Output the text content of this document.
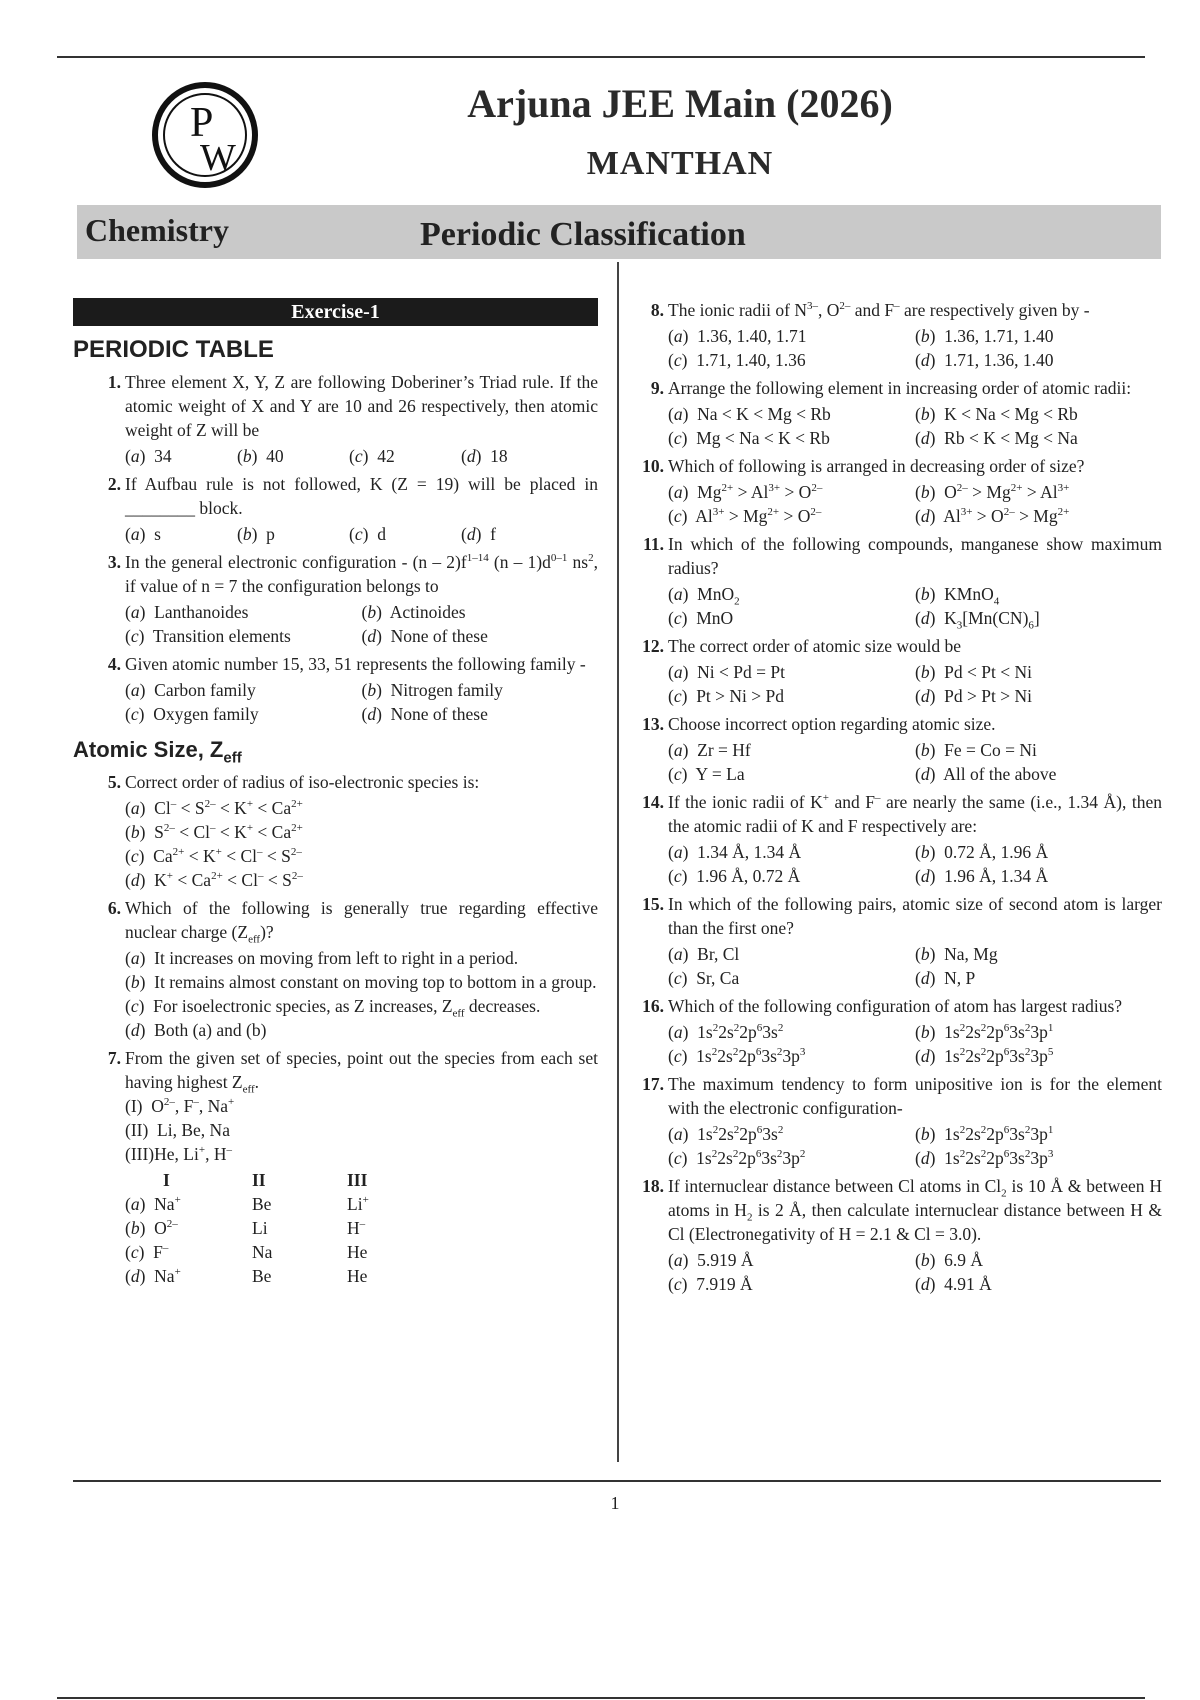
P
W
Arjuna JEE Main (2026)
MANTHAN
Chemistry	Periodic Classification
Exercise-1
PERIODIC TABLE
1. Three element X, Y, Z are following Doberiner’s Triad rule. If the atomic weight of X and Y are 10 and 26 respectively, then atomic weight of Z will be
(a)  34	(b)  40	(c)  42	(d)  18
2. If Aufbau rule is not followed, K (Z = 19) will be placed in ________ block.
(a)  s	(b)  p	(c)  d	(d)  f
3. In the general electronic configuration - $(n - 2)f^{1-14}$ $(n - 1)d^{0-1}$ $ns^2$, if value of n = 7 the configuration belongs to
(a)  Lanthanoides	(b)  Actinoides
(c)  Transition elements	(d)  None of these
4. Given atomic number 15, 33, 51 represents the following family -
(a)  Carbon family	(b)  Nitrogen family
(c)  Oxygen family	(d)  None of these
Atomic Size, $Z_{eff}$
5. Correct order of radius of iso-electronic species is:
(a)  $Cl^- < S^{2-} < K^+ < Ca^{2+}$
(b)  $S^{2-} < Cl^- < K^+ < Ca^{2+}$
(c)  $Ca^{2+} < K^+ < Cl^- < S^{2-}$
(d)  $K^+ < Ca^{2+} < Cl^- < S^{2-}$
6. Which of the following is generally true regarding effective nuclear charge $(Z_{eff})$?
(a)  It increases on moving from left to right in a period.
(b)  It remains almost constant on moving top to bottom in a group.
(c)  For isoelectronic species, as Z increases, $Z_{eff}$ decreases.
(d)  Both (a) and (b)
7. From the given set of species, point out the species from each set having highest $Z_{eff}$.
(I)  $O^{2-}$, F–, Na+
(II)  Li, Be, Na
(III)He, Li+, H–
I	II	III
(a)  Na+	Be	Li+
(b)  $O^{2-}$	Li	H–
(c)  F–	Na	He
(d)  Na+	Be	He
8. The ionic radii of $N^{3-}$, $O^{2-}$ and F– are respectively given by -
(a)  1.36, 1.40, 1.71	(b)  1.36, 1.71, 1.40
(c)  1.71, 1.40, 1.36	(d)  1.71, 1.36, 1.40
9. Arrange the following element in increasing order of atomic radii:
(a)  Na < K < Mg < Rb	(b)  K < Na < Mg < Rb
(c)  Mg < Na < K < Rb	(d)  Rb < K < Mg < Na
10. Which of following is arranged in decreasing order of size?
(a)  $Mg^{2+} > Al^{3+} > O^{2-}$	(b)  $O^{2-} > Mg^{2+} > Al^{3+}$
(c)  $Al^{3+} > Mg^{2+} > O^{2-}$	(d)  $Al^{3+} > O^{2-} > Mg^{2+}$
11. In which of the following compounds, manganese show maximum radius?
(a)  MnO$_2$	(b)  KMnO$_4$
(c)  MnO	(d)  $K_3[Mn(CN)_6]$
12. The correct order of atomic size would be
(a)  Ni < Pd = Pt	(b)  Pd < Pt < Ni
(c)  Pt > Ni > Pd	(d)  Pd > Pt > Ni
13. Choose incorrect option regarding atomic size.
(a)  Zr = Hf	(b)  Fe = Co = Ni
(c)  Y = La	(d)  All of the above
14. If the ionic radii of K+ and F– are nearly the same (i.e., 1.34 Å), then the atomic radii of K and F respectively are:
(a)  1.34 Å, 1.34 Å	(b)  0.72 Å, 1.96 Å
(c)  1.96 Å, 0.72 Å	(d)  1.96 Å, 1.34 Å
15. In which of the following pairs, atomic size of second atom is larger than the first one?
(a)  Br, Cl	(b)  Na, Mg
(c)  Sr, Ca	(d)  N, P
16. Which of the following configuration of atom has largest radius?
(a)  $1s^22s^22p^63s^2$	(b)  $1s^22s^22p^63s^23p^1$
(c)  $1s^22s^22p^63s^23p^3$	(d)  $1s^22s^22p^63s^23p^5$
17. The maximum tendency to form unipositive ion is for the element with the electronic configuration-
(a)  $1s^22s^22p^63s^2$	(b)  $1s^22s^22p^63s^23p^1$
(c)  $1s^22s^22p^63s^23p^2$	(d)  $1s^22s^22p^63s^23p^3$
18. If internuclear distance between Cl atoms in $Cl_2$ is 10 Å & between H atoms in $H_2$ is 2 Å, then calculate internuclear distance between H & Cl (Electronegativity of H = 2.1 & Cl = 3.0).
(a)  5.919 Å	(b)  6.9 Å
(c)  7.919 Å	(d)  4.91 Å
1
